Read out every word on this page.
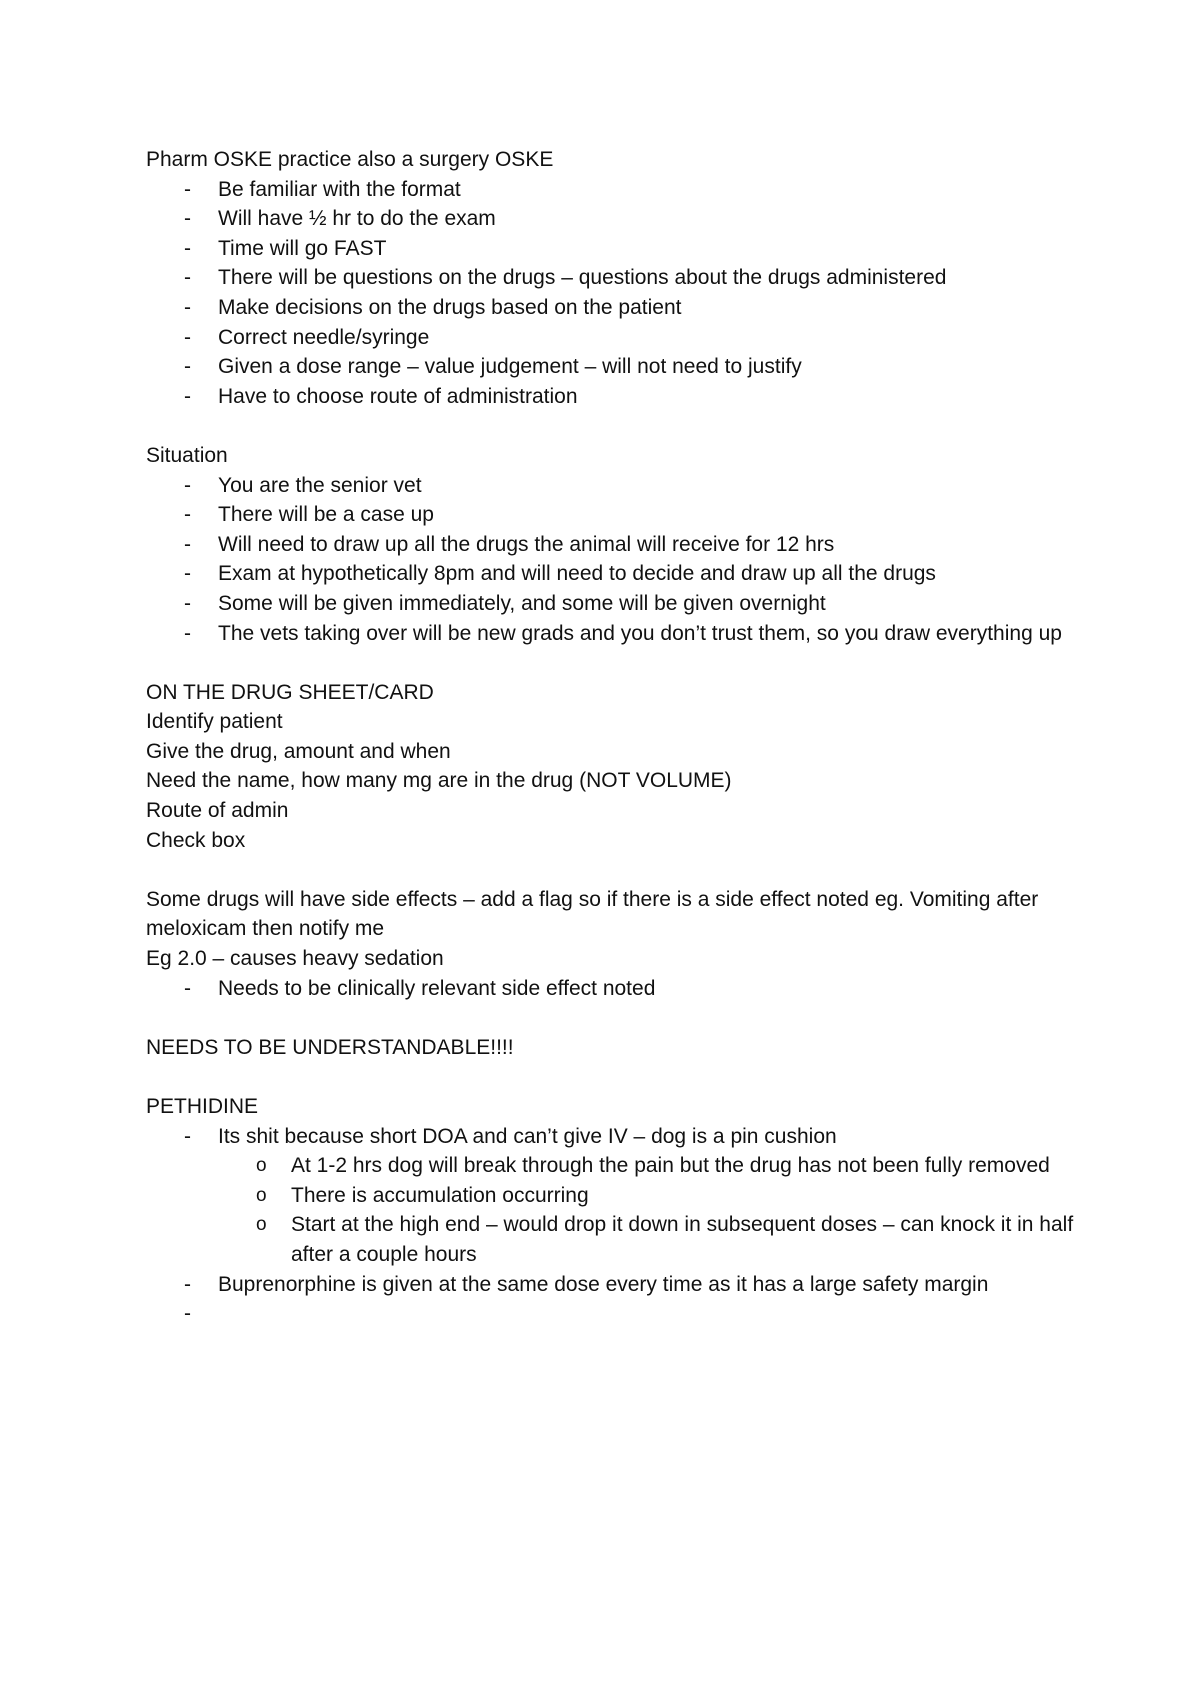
Pharm OSKE practice also a surgery OSKE

- Be familiar with the format
- Will have ½ hr to do the exam
- Time will go FAST
- There will be questions on the drugs – questions about the drugs administered
- Make decisions on the drugs based on the patient
- Correct needle/syringe
- Given a dose range – value judgement – will not need to justify
- Have to choose route of administration

Situation

- You are the senior vet
- There will be a case up
- Will need to draw up all the drugs the animal will receive for 12 hrs
- Exam at hypothetically 8pm and will need to decide and draw up all the drugs
- Some will be given immediately, and some will be given overnight
- The vets taking over will be new grads and you don’t trust them, so you draw everything up

ON THE DRUG SHEET/CARD

Identify patient

Give the drug, amount and when

Need the name, how many mg are in the drug (NOT VOLUME)

Route of admin

Check box

Some drugs will have side effects – add a flag so if there is a side effect noted eg. Vomiting after meloxicam then notify me

Eg 2.0 – causes heavy sedation

- Needs to be clinically relevant side effect noted

NEEDS TO BE UNDERSTANDABLE!!!!

PETHIDINE

- Its shit because short DOA and can’t give IV – dog is a pin cushion
o At 1-2 hrs dog will break through the pain but the drug has not been fully removed
o There is accumulation occurring
o Start at the high end – would drop it down in subsequent doses – can knock it in half after a couple hours
- Buprenorphine is given at the same dose every time as it has a large safety margin
-
